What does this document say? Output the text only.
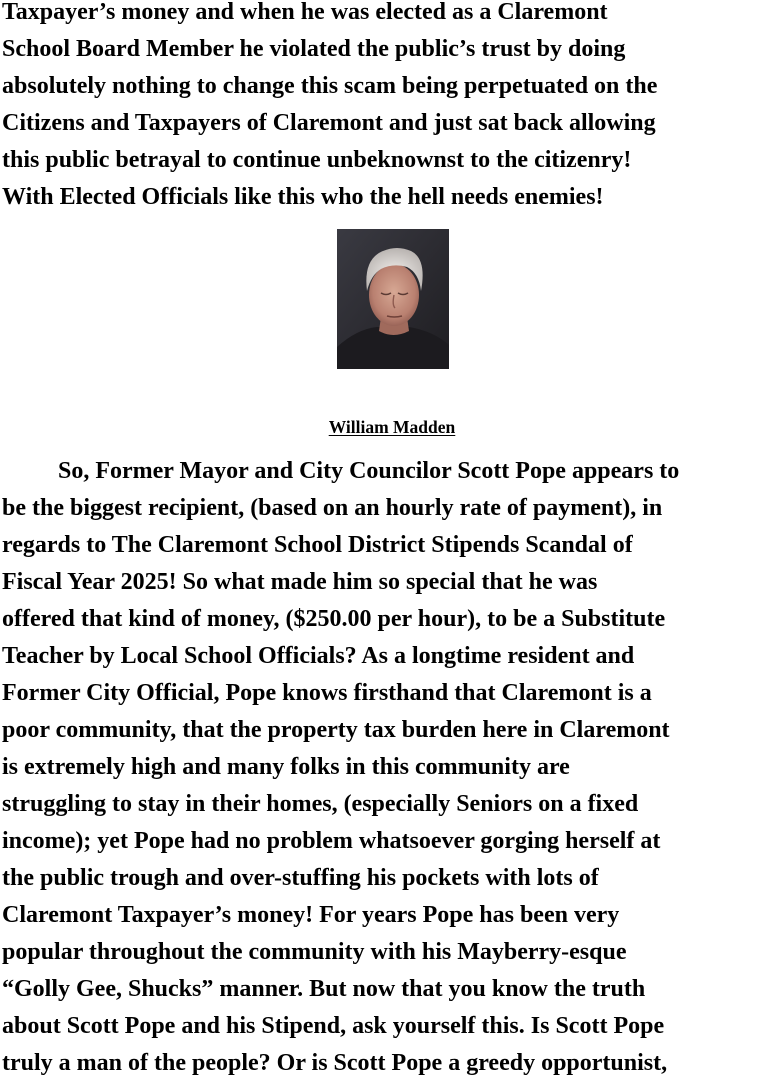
Taxpayer’s money and when he was elected as a Claremont
School Board Member he violated the public’s trust by doing
absolutely nothing to change this scam being perpetuated on the
Citizens and Taxpayers of Claremont and just sat back allowing
this public betrayal to continue unbeknownst to the citizenry!
With Elected Officials like this who the hell needs enemies!

William Madden

So, Former Mayor and City Councilor Scott Pope appears to
be the biggest recipient, (based on an hourly rate of payment), in
regards to The Claremont School District Stipends Scandal of
Fiscal Year 2025! So what made him so special that he was
offered that kind of money, ($250.00 per hour), to be a Substitute
Teacher by Local School Officials? As a longtime resident and
Former City Official, Pope knows firsthand that Claremont is a
poor community, that the property tax burden here in Claremont
is extremely high and many folks in this community are
struggling to stay in their homes, (especially Seniors on a fixed
income); yet Pope had no problem whatsoever gorging herself at
the public trough and over-stuffing his pockets with lots of
Claremont Taxpayer’s money! For years Pope has been very
popular throughout the community with his Mayberry-esque
“Golly Gee, Shucks” manner. But now that you know the truth
about Scott Pope and his Stipend, ask yourself this. Is Scott Pope
truly a man of the people? Or is Scott Pope a greedy opportunist,
